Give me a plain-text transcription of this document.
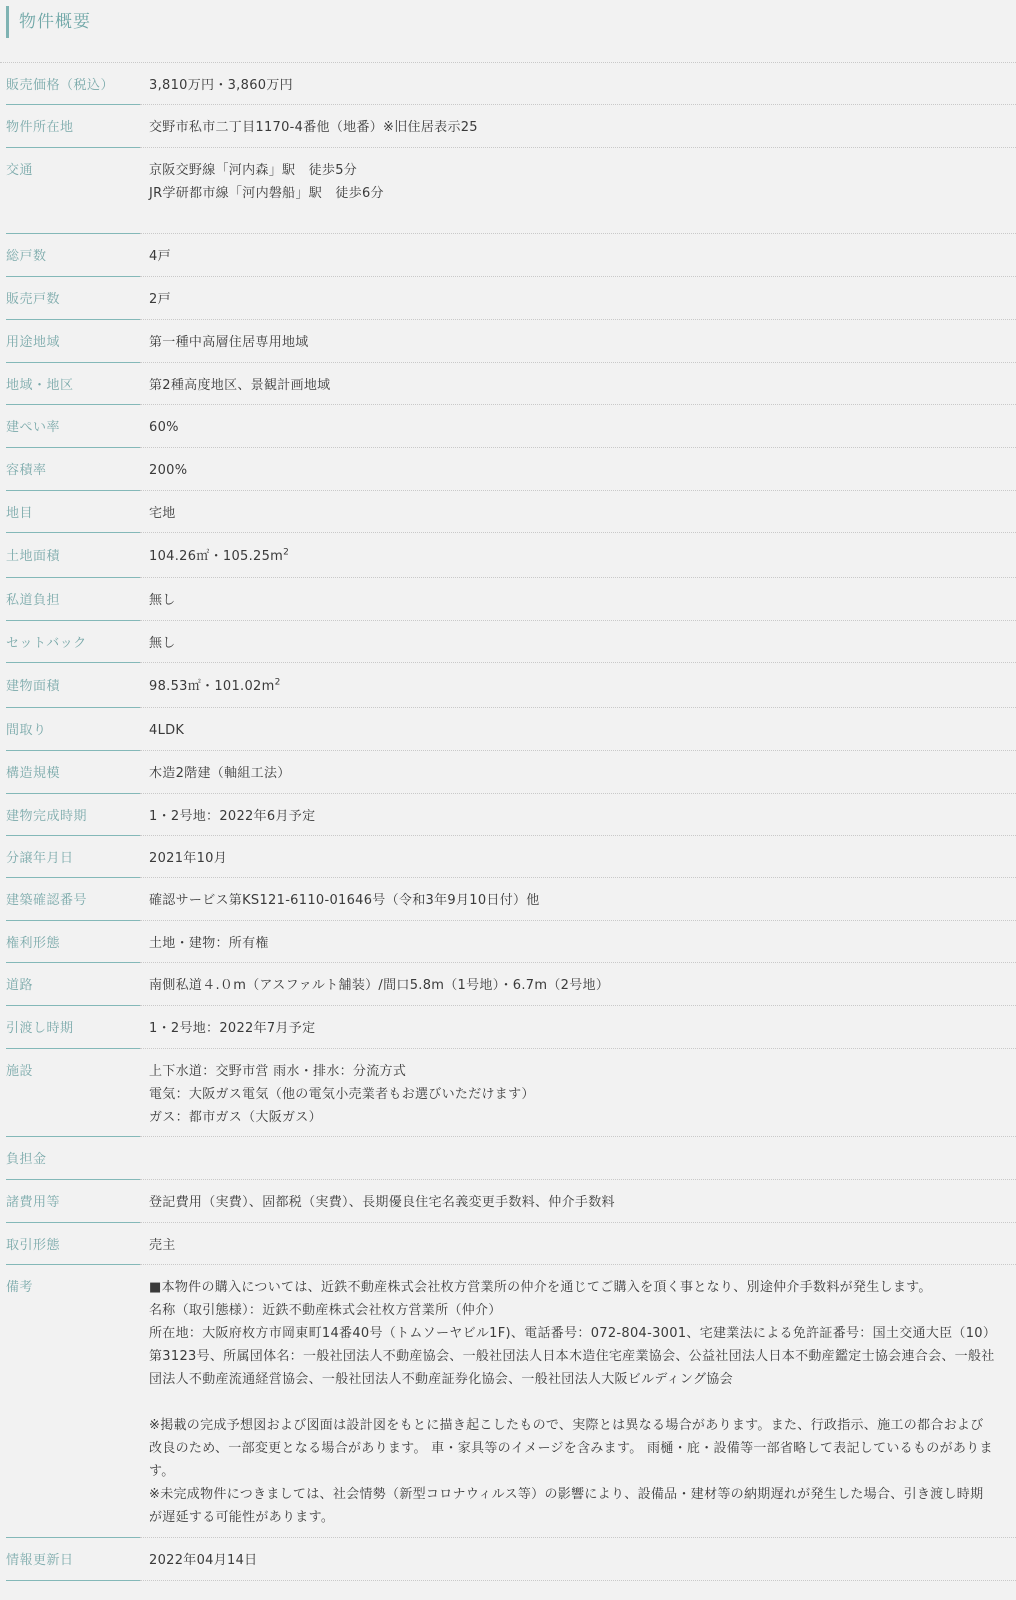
物件概要
販売価格（税込）	3,810万円・3,860万円
物件所在地	交野市私市二丁目1170-4番他（地番）※旧住居表示25
交通	京阪交野線「河内森」駅　徒歩5分
JR学研都市線「河内磐船」駅　徒歩6分
総戸数	4戸
販売戸数	2戸
用途地域	第一種中高層住居専用地域
地域・地区	第2種高度地区、景観計画地域
建ぺい率	60%
容積率	200%
地目	宅地
土地面積	104.26㎡・$105.25m^2$
私道負担	無し
セットバック	無し
建物面積	98.53㎡・$101.02m^2$
間取り	4LDK
構造規模	木造2階建（軸組工法）
建物完成時期	1・2号地：2022年6月予定
分譲年月日	2021年10月
建築確認番号	確認サービス第KS121-6110-01646号（令和3年9月10日付）他
権利形態	土地・建物：所有権
道路	南側私道４.０m（アスファルト舗装）/間口5.8m（1号地）・6.7m（2号地）
引渡し時期	1・2号地：2022年7月予定
施設	上下水道：交野市営 雨水・排水：分流方式
電気：大阪ガス電気（他の電気小売業者もお選びいただけます）
ガス：都市ガス（大阪ガス）
負担金
諸費用等	登記費用（実費）、固都税（実費）、長期優良住宅名義変更手数料、仲介手数料
取引形態	売主
備考	■本物件の購入については、近鉄不動産株式会社枚方営業所の仲介を通じてご購入を頂く事となり、別途仲介手数料が発生します。
名称（取引態様）：近鉄不動産株式会社枚方営業所（仲介）
所在地：大阪府枚方市岡東町14番40号（トムソーヤビル1F)、電話番号：072-804-3001、宅建業法による免許証番号：国土交通大臣（10）第3123号、所属団体名：一般社団法人不動産協会、一般社団法人日本木造住宅産業協会、公益社団法人日本不動産鑑定士協会連合会、一般社団法人不動産流通経営協会、一般社団法人不動産証券化協会、一般社団法人大阪ビルディング協会
※掲載の完成予想図および図面は設計図をもとに描き起こしたもので、実際とは異なる場合があります。また、行政指示、施工の都合および改良のため、一部変更となる場合があります。 車・家具等のイメージを含みます。 雨樋・庇・設備等一部省略して表記しているものがあります。
※未完成物件につきましては、社会情勢（新型コロナウィルス等）の影響により、設備品・建材等の納期遅れが発生した場合、引き渡し時期が遅延する可能性があります。
情報更新日	2022年04月14日
